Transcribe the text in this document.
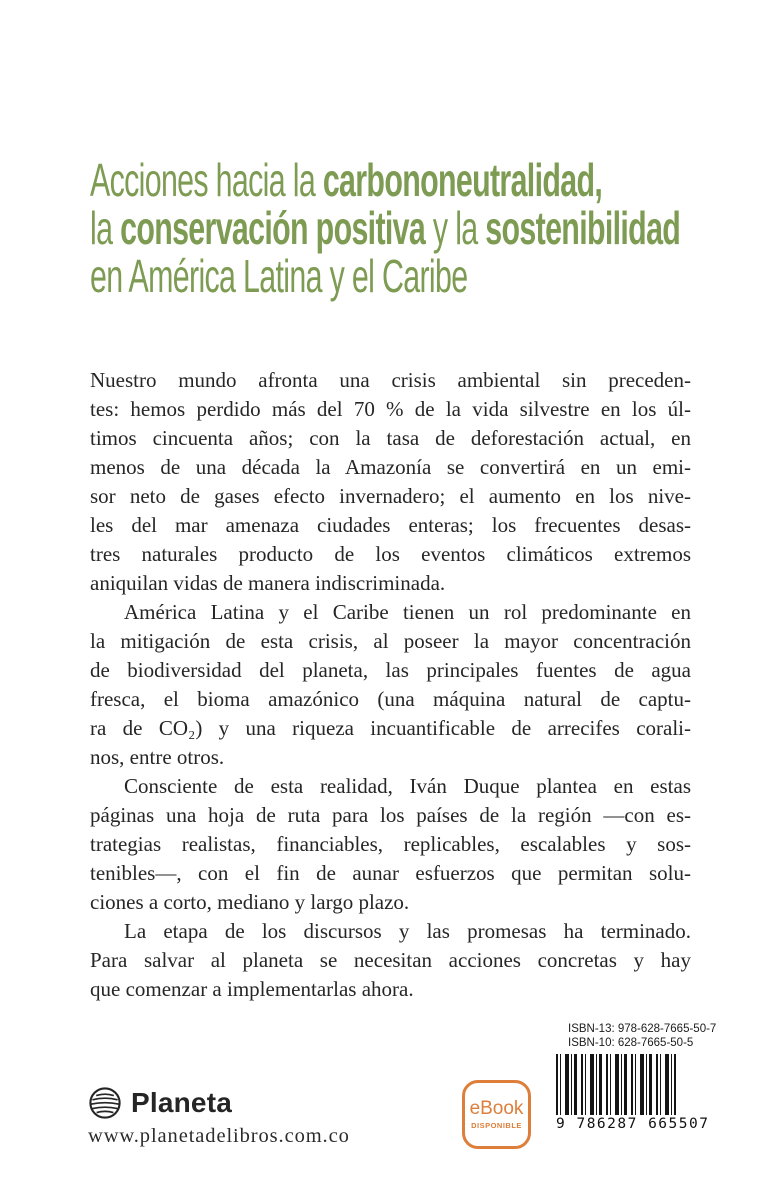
Acciones hacia la carbononeutralidad,
la conservación positiva y la sostenibilidad
en América Latina y el Caribe
Nuestro mundo afronta una crisis ambiental sin preceden-
tes: hemos perdido más del 70 % de la vida silvestre en los úl-
timos cincuenta años; con la tasa de deforestación actual, en
menos de una década la Amazonía se convertirá en un emi-
sor neto de gases efecto invernadero; el aumento en los nive-
les del mar amenaza ciudades enteras; los frecuentes desas-
tres naturales producto de los eventos climáticos extremos
aniquilan vidas de manera indiscriminada.
América Latina y el Caribe tienen un rol predominante en
la mitigación de esta crisis, al poseer la mayor concentración
de biodiversidad del planeta, las principales fuentes de agua
fresca, el bioma amazónico (una máquina natural de captu-
ra de CO₂) y una riqueza incuantificable de arrecifes corali-
nos, entre otros.
Consciente de esta realidad, Iván Duque plantea en estas
páginas una hoja de ruta para los países de la región —con es-
trategias realistas, financiables, replicables, escalables y sos-
tenibles—, con el fin de aunar esfuerzos que permitan solu-
ciones a corto, mediano y largo plazo.
La etapa de los discursos y las promesas ha terminado.
Para salvar al planeta se necesitan acciones concretas y hay
que comenzar a implementarlas ahora.
Planeta
www.planetadelibros.com.co
eBook
DISPONIBLE
ISBN-13: 978-628-7665-50-7
ISBN-10: 628-7665-50-5
9 786287 665507
